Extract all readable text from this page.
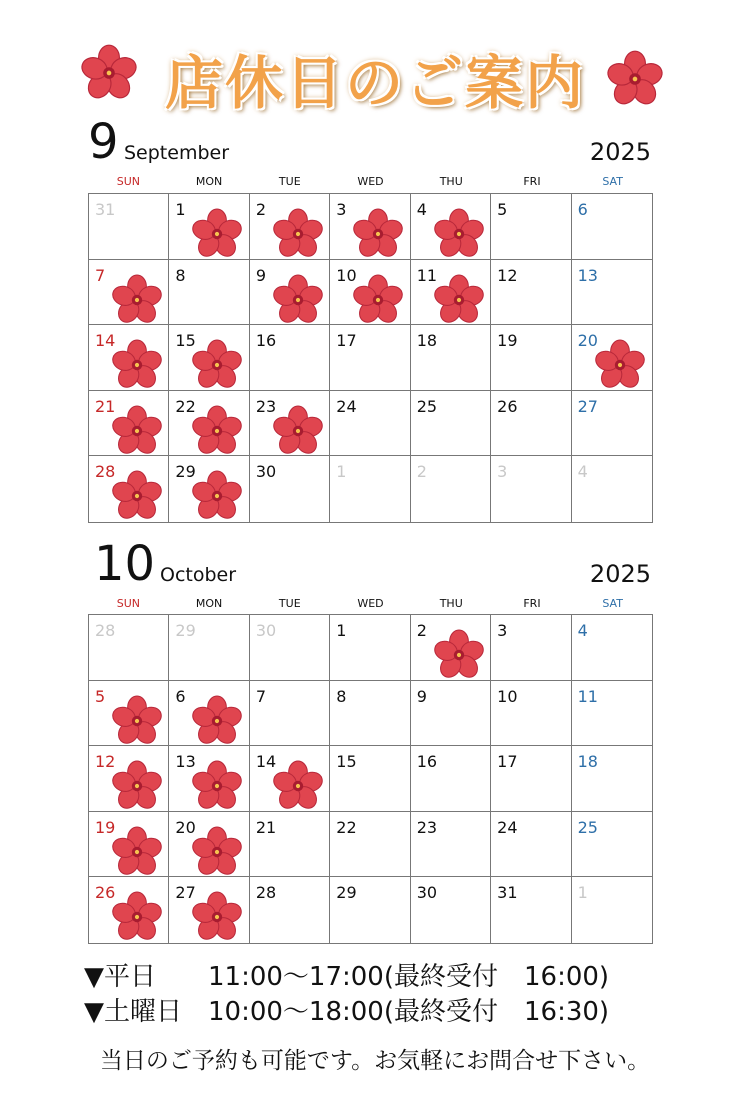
店休日のご案内
9 September	2025
SUN	MON	TUE	WED	THU	FRI	SAT
31	1	2	3	4	5	6
7	8	9	10	11	12	13
14	15	16	17	18	19	20
21	22	23	24	25	26	27
28	29	30	1	2	3	4
10 October	2025
SUN	MON	TUE	WED	THU	FRI	SAT
28	29	30	1	2	3	4
5	6	7	8	9	10	11
12	13	14	15	16	17	18
19	20	21	22	23	24	25
26	27	28	29	30	31	1
▼平日　　11:00〜17:00(最終受付　16:00)
▼土曜日　10:00〜18:00(最終受付　16:30)
当日のご予約も可能です。お気軽にお問合せ下さい。
